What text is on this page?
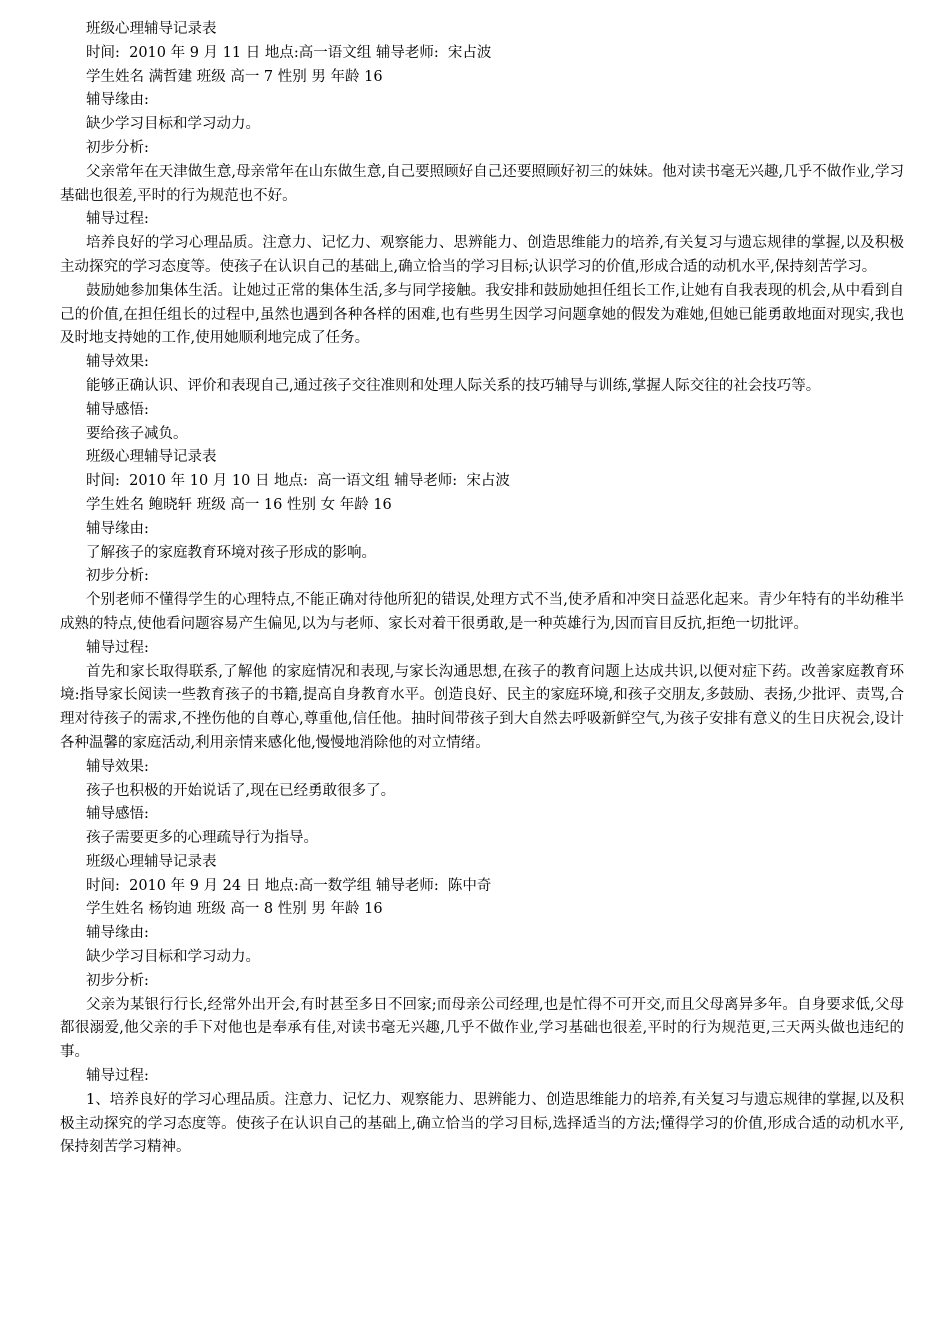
班级心理辅导记录表

时间:  2010 年 9 月 11 日 地点:高一语文组 辅导老师:  宋占波

学生姓名 满哲建 班级 高一 7 性别 男 年龄 16

辅导缘由:

缺少学习目标和学习动力。

初步分析:

父亲常年在天津做生意,母亲常年在山东做生意,自己要照顾好自己还要照顾好初三的妹妹。他对读书毫无兴趣,几乎不做作业,学习基础也很差,平时的行为规范也不好。

辅导过程:

培养良好的学习心理品质。注意力、记忆力、观察能力、思辨能力、创造思维能力的培养,有关复习与遗忘规律的掌握,以及积极主动探究的学习态度等。使孩子在认识自己的基础上,确立恰当的学习目标;认识学习的价值,形成合适的动机水平,保持刻苦学习。

鼓励她参加集体生活。让她过正常的集体生活,多与同学接触。我安排和鼓励她担任组长工作,让她有自我表现的机会,从中看到自己的价值,在担任组长的过程中,虽然也遇到各种各样的困难,也有些男生因学习问题拿她的假发为难她,但她已能勇敢地面对现实,我也及时地支持她的工作,使用她顺利地完成了任务。

辅导效果:

能够正确认识、评价和表现自己,通过孩子交往准则和处理人际关系的技巧辅导与训练,掌握人际交往的社会技巧等。

辅导感悟:

要给孩子减负。

班级心理辅导记录表

时间:  2010 年 10 月 10 日 地点:  高一语文组 辅导老师:  宋占波

学生姓名 鲍晓轩 班级 高一 16 性别 女 年龄 16

辅导缘由:

了解孩子的家庭教育环境对孩子形成的影响。

初步分析:

个别老师不懂得学生的心理特点,不能正确对待他所犯的错误,处理方式不当,使矛盾和冲突日益恶化起来。青少年特有的半幼稚半成熟的特点,使他看问题容易产生偏见,以为与老师、家长对着干很勇敢,是一种英雄行为,因而盲目反抗,拒绝一切批评。

辅导过程:

首先和家长取得联系,了解他 的家庭情况和表现,与家长沟通思想,在孩子的教育问题上达成共识,以便对症下药。改善家庭教育环境:指导家长阅读一些教育孩子的书籍,提高自身教育水平。创造良好、民主的家庭环境,和孩子交朋友,多鼓励、表扬,少批评、责骂,合理对待孩子的需求,不挫伤他的自尊心,尊重他,信任他。抽时间带孩子到大自然去呼吸新鲜空气,为孩子安排有意义的生日庆祝会,设计各种温馨的家庭活动,利用亲情来感化他,慢慢地消除他的对立情绪。

辅导效果:

孩子也积极的开始说话了,现在已经勇敢很多了。

辅导感悟:

孩子需要更多的心理疏导行为指导。

班级心理辅导记录表

时间:  2010 年 9 月 24 日 地点:高一数学组 辅导老师:  陈中奇

学生姓名 杨钧迪 班级 高一 8 性别 男 年龄 16

辅导缘由:

缺少学习目标和学习动力。

初步分析:

父亲为某银行行长,经常外出开会,有时甚至多日不回家;而母亲公司经理,也是忙得不可开交,而且父母离异多年。自身要求低,父母都很溺爱,他父亲的手下对他也是奉承有佳,对读书毫无兴趣,几乎不做作业,学习基础也很差,平时的行为规范更,三天两头做也违纪的事。

辅导过程:

1、培养良好的学习心理品质。注意力、记忆力、观察能力、思辨能力、创造思维能力的培养,有关复习与遗忘规律的掌握,以及积极主动探究的学习态度等。使孩子在认识自己的基础上,确立恰当的学习目标,选择适当的方法;懂得学习的价值,形成合适的动机水平,保持刻苦学习精神。
